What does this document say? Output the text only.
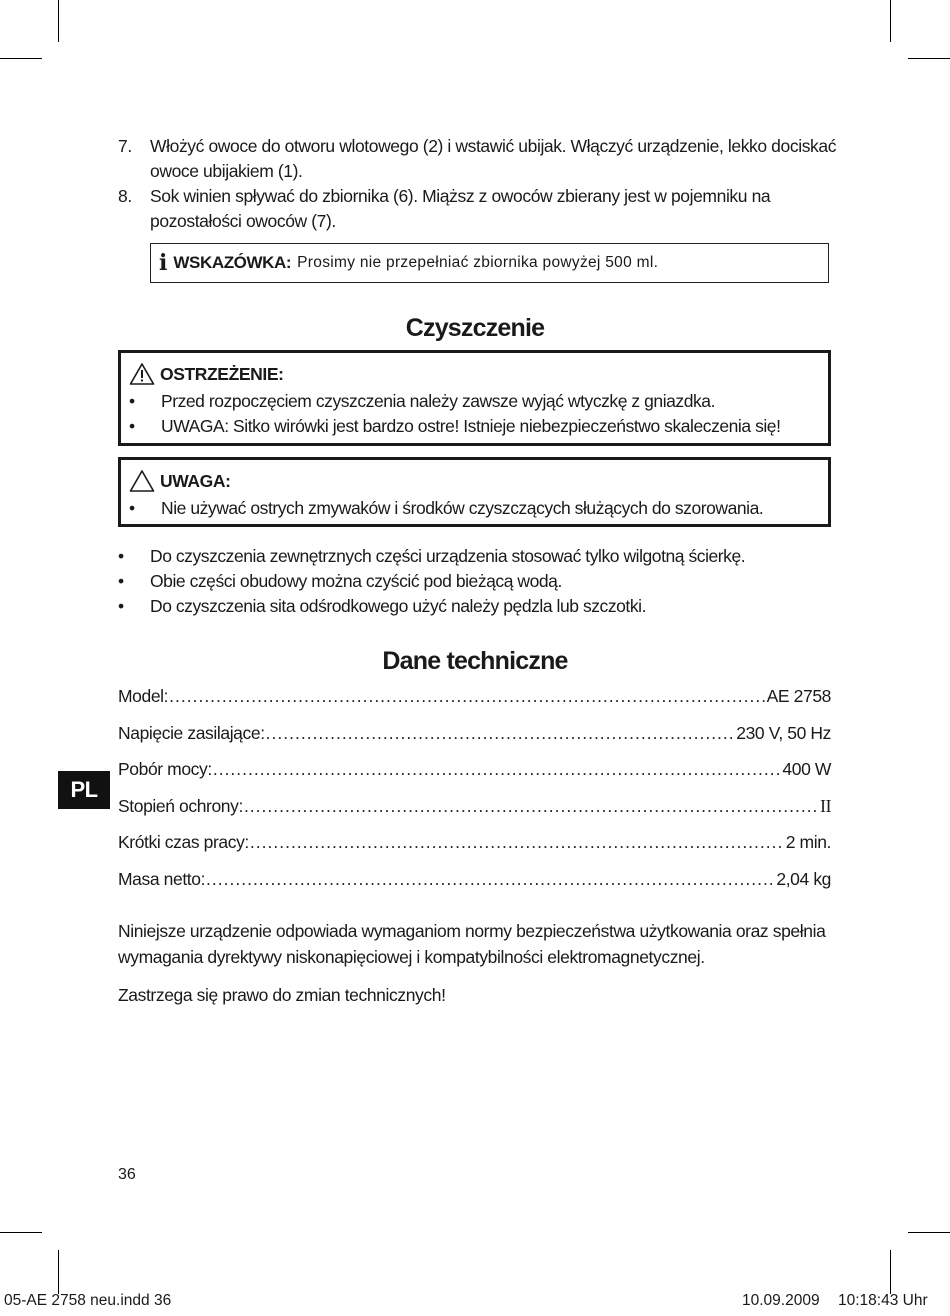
7.	Włożyć owoce do otworu wlotowego (2) i wstawić ubijak. Włączyć urządzenie, lekko dociskać owoce ubijakiem (1).
8.	Sok winien spływać do zbiornika (6). Miąższ z owoców zbierany jest w pojemniku na pozostałości owoców (7).
i WSKAZÓWKA: Prosimy nie przepełniać zbiornika powyżej 500 ml.
Czyszczenie
OSTRZEŻENIE:
•	Przed rozpoczęciem czyszczenia należy zawsze wyjąć wtyczkę z gniazdka.
•	UWAGA: Sitko wirówki jest bardzo ostre! Istnieje niebezpieczeństwo skaleczenia się!
UWAGA:
•	Nie używać ostrych zmywaków i środków czyszczących służących do szorowania.
•	Do czyszczenia zewnętrznych części urządzenia stosować tylko wilgotną ścierkę.
•	Obie części obudowy można czyścić pod bieżącą wodą.
•	Do czyszczenia sita odśrodkowego użyć należy pędzla lub szczotki.
Dane techniczne
Model: .....	AE 2758
Napięcie zasilające: .....	230 V, 50 Hz
Pobór mocy: .....	400 W
Stopień ochrony: .....	II
Krótki czas pracy: .....	2 min.
Masa netto: .....	2,04 kg

Niniejsze urządzenie odpowiada wymaganiom normy bezpieczeństwa użytkowania oraz spełnia wymagania dyrektywy niskonapięciowej i kompatybilności elektromagnetycznej.

Zastrzega się prawo do zmian technicznych!

PL
36
05-AE 2758 neu.indd 36	10.09.2009 10:18:43 Uhr
